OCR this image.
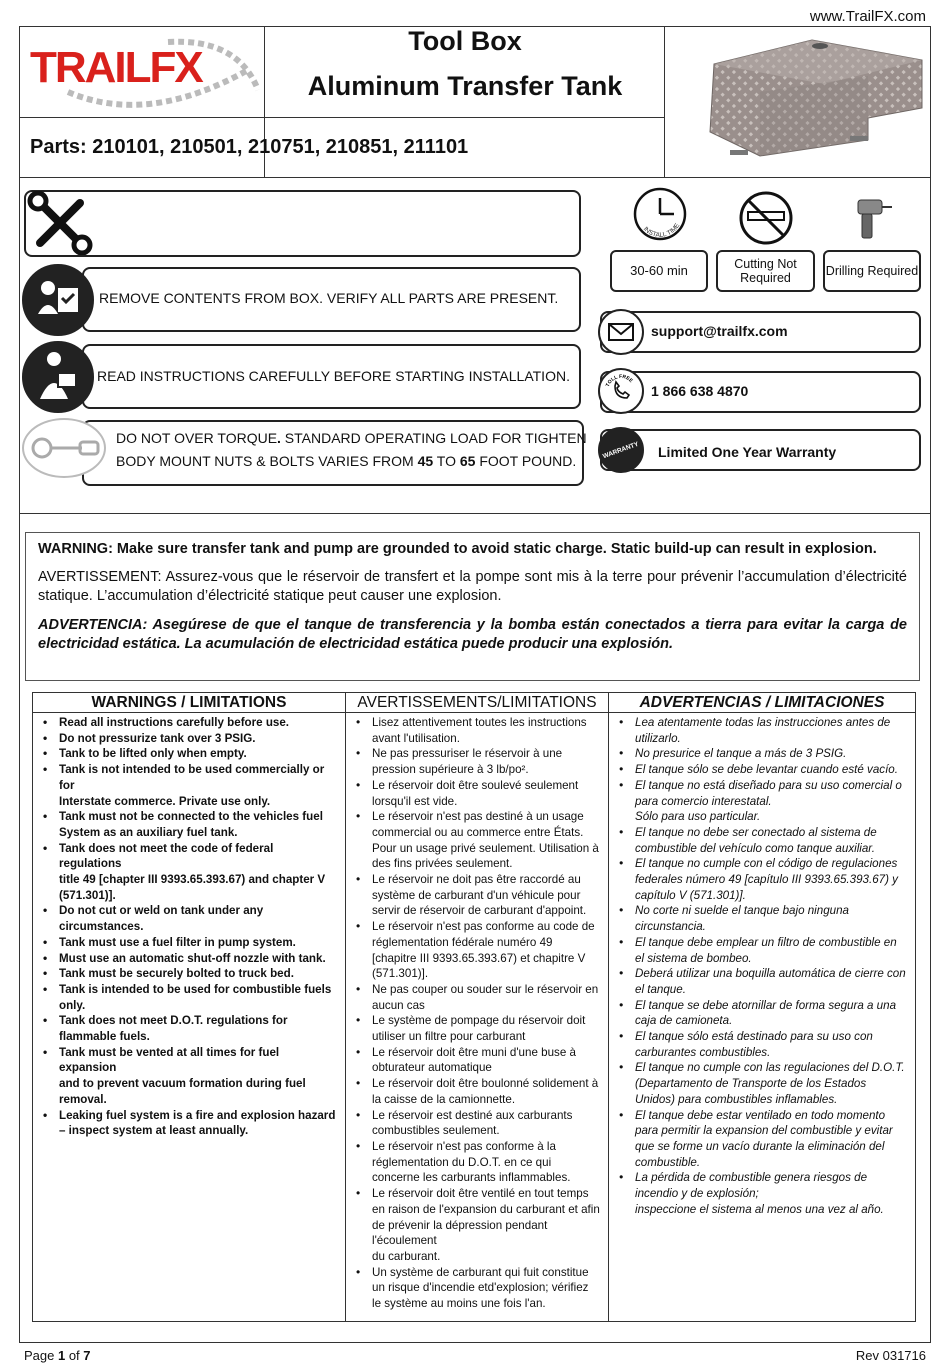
www.TrailFX.com
TRAILFX
Tool Box
Aluminum Transfer Tank
Parts: 210101, 210501, 210751, 210851, 211101
REMOVE CONTENTS FROM BOX. VERIFY ALL PARTS ARE PRESENT.
READ INSTRUCTIONS CAREFULLY BEFORE STARTING INSTALLATION.
DO NOT OVER TORQUE. STANDARD OPERATING LOAD FOR TIGHTEN
BODY MOUNT NUTS & BOLTS VARIES FROM 45 TO 65 FOOT POUND.
INSTALL TIME
30-60 min	Cutting Not Required
Drilling Required
support@trailfx.com
TOLL FREE
1 866 638 4870
WARRANTY Limited One Year Warranty
WARNING: Make sure transfer tank and pump are grounded to avoid static charge. Static build-up can result in explosion.
AVERTISSEMENT: Assurez-vous que le réservoir de transfert et la pompe sont mis à la terre pour prévenir l’accumulation d’électricité statique. L’accumulation d’électricité statique peut causer une explosion.
ADVERTENCIA: Asegúrese de que el tanque de transferencia y la bomba están conectados a tierra para evitar la carga de electricidad estática. La acumulación de electricidad estática puede producir una explosión.
WARNINGS / LIMITATIONS
• Read all instructions carefully before use.
• Do not pressurize tank over 3 PSIG.
• Tank to be lifted only when empty.
• Tank is not intended to be used commercially or for
Interstate commerce. Private use only.
• Tank must not be connected to the vehicles fuel System as an auxiliary fuel tank.
• Tank does not meet the code of federal regulations
title 49 [chapter III 9393.65.393.67) and chapter V (571.301)].
• Do not cut or weld on tank under any circumstances.
• Tank must use a fuel filter in pump system.
• Must use an automatic shut-off nozzle with tank.
• Tank must be securely bolted to truck bed.
• Tank is intended to be used for combustible fuels only.
• Tank does not meet D.O.T. regulations for flammable fuels.
• Tank must be vented at all times for fuel expansion
and to prevent vacuum formation during fuel removal.
• Leaking fuel system is a fire and explosion hazard – inspect system at least annually.
AVERTISSEMENTS/LIMITATIONS
• Lisez attentivement toutes les instructions avant l'utilisation.
• Ne pas pressuriser le réservoir à une pression supérieure à 3 lb/po².
• Le réservoir doit être soulevé seulement lorsqu'il est vide.
• Le réservoir n'est pas destiné à un usage commercial ou au commerce entre États. Pour un usage privé seulement. Utilisation à des fins privées seulement.
• Le réservoir ne doit pas être raccordé au système de carburant d'un véhicule pour servir de réservoir de carburant d'appoint.
• Le réservoir n'est pas conforme au code de réglementation fédérale numéro 49 [chapitre III 9393.65.393.67) et chapitre V (571.301)].
• Ne pas couper ou souder sur le réservoir en aucun cas
• Le système de pompage du réservoir doit utiliser un filtre pour carburant
• Le réservoir doit être muni d'une buse à obturateur automatique
• Le réservoir doit être boulonné solidement à la caisse de la camionnette.
• Le réservoir est destiné aux carburants combustibles seulement.
• Le réservoir n'est pas conforme à la réglementation du D.O.T. en ce qui concerne les carburants inflammables.
• Le réservoir doit être ventilé en tout temps en raison de l'expansion du carburant et afin de prévenir la dépression pendant l'écoulement
du carburant.
• Un système de carburant qui fuit constitue un risque d'incendie etd'explosion; vérifiez le système au moins une fois l'an.
ADVERTENCIAS / LIMITACIONES
• Lea atentamente todas las instrucciones antes de utilizarlo.
• No presurice el tanque a más de 3 PSIG.
• El tanque sólo se debe levantar cuando esté vacío.
• El tanque no está diseñado para su uso comercial o para comercio interestatal.
Sólo para uso particular.
• El tanque no debe ser conectado al sistema de combustible del vehículo como tanque auxiliar.
• El tanque no cumple con el código de regulaciones federales número 49 [capítulo III 9393.65.393.67) y capítulo V (571.301)].
• No corte ni suelde el tanque bajo ninguna circunstancia.
• El tanque debe emplear un filtro de combustible en el sistema de bombeo.
• Deberá utilizar una boquilla automática de cierre con el tanque.
• El tanque se debe atornillar de forma segura a una caja de camioneta.
• El tanque sólo está destinado para su uso con carburantes combustibles.
• El tanque no cumple con las regulaciones del D.O.T. (Departamento de Transporte de los Estados Unidos) para combustibles inflamables.
• El tanque debe estar ventilado en todo momento para permitir la expansion del combustible y evitar que se forme un vacío durante la eliminación del combustible.
• La pérdida de combustible genera riesgos de incendio y de explosión;
inspeccione el sistema al menos una vez al año.
Page 1 of 7	Rev 031716
